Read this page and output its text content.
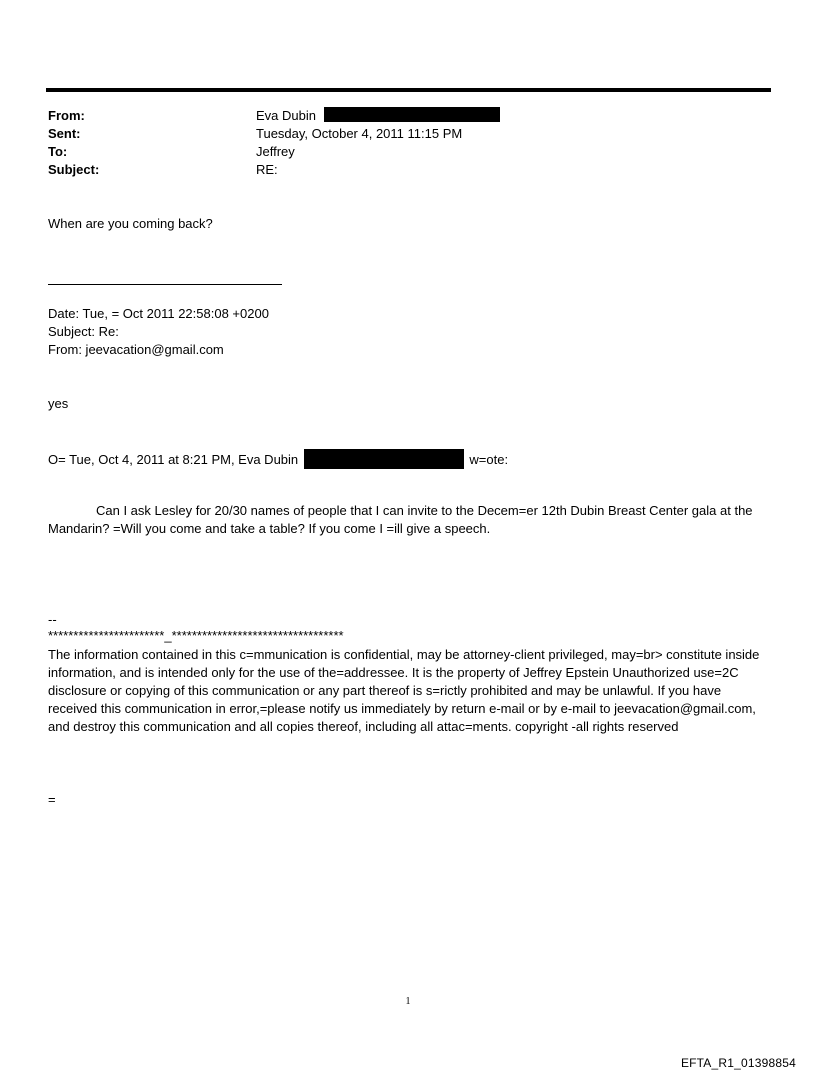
From:	Eva Dubin
Sent:	Tuesday, October 4, 2011 11:15 PM
To:	Jeffrey
Subject:	RE:
When are you coming back?
Date: Tue, = Oct 2011 22:58:08 +0200
Subject: Re:
From: jeevacation@gmail.com
yes
O= Tue, Oct 4, 2011 at 8:21 PM, Eva Dubin	w=ote:
Can I ask Lesley for 20/30 names of people that I can invite to the Decem=er 12th Dubin Breast Center gala at the Mandarin? =Will you come and take a table? If you come I =ill give a speech.
--
***********************_**********************************
The information contained in this c=mmunication is confidential, may be attorney-client privileged, may=br> constitute inside information, and is intended only for the use of the=addressee. It is the property of Jeffrey Epstein Unauthorized use=2C disclosure or copying of this communication or any part thereof is s=rictly prohibited and may be unlawful. If you have received this communication in error,=please notify us immediately by return e-mail or by e-mail to jeevacation@gmail.com, and destroy this communication and all copies thereof, including all attac=ments. copyright -all rights reserved
=
1
EFTA_R1_01398854
